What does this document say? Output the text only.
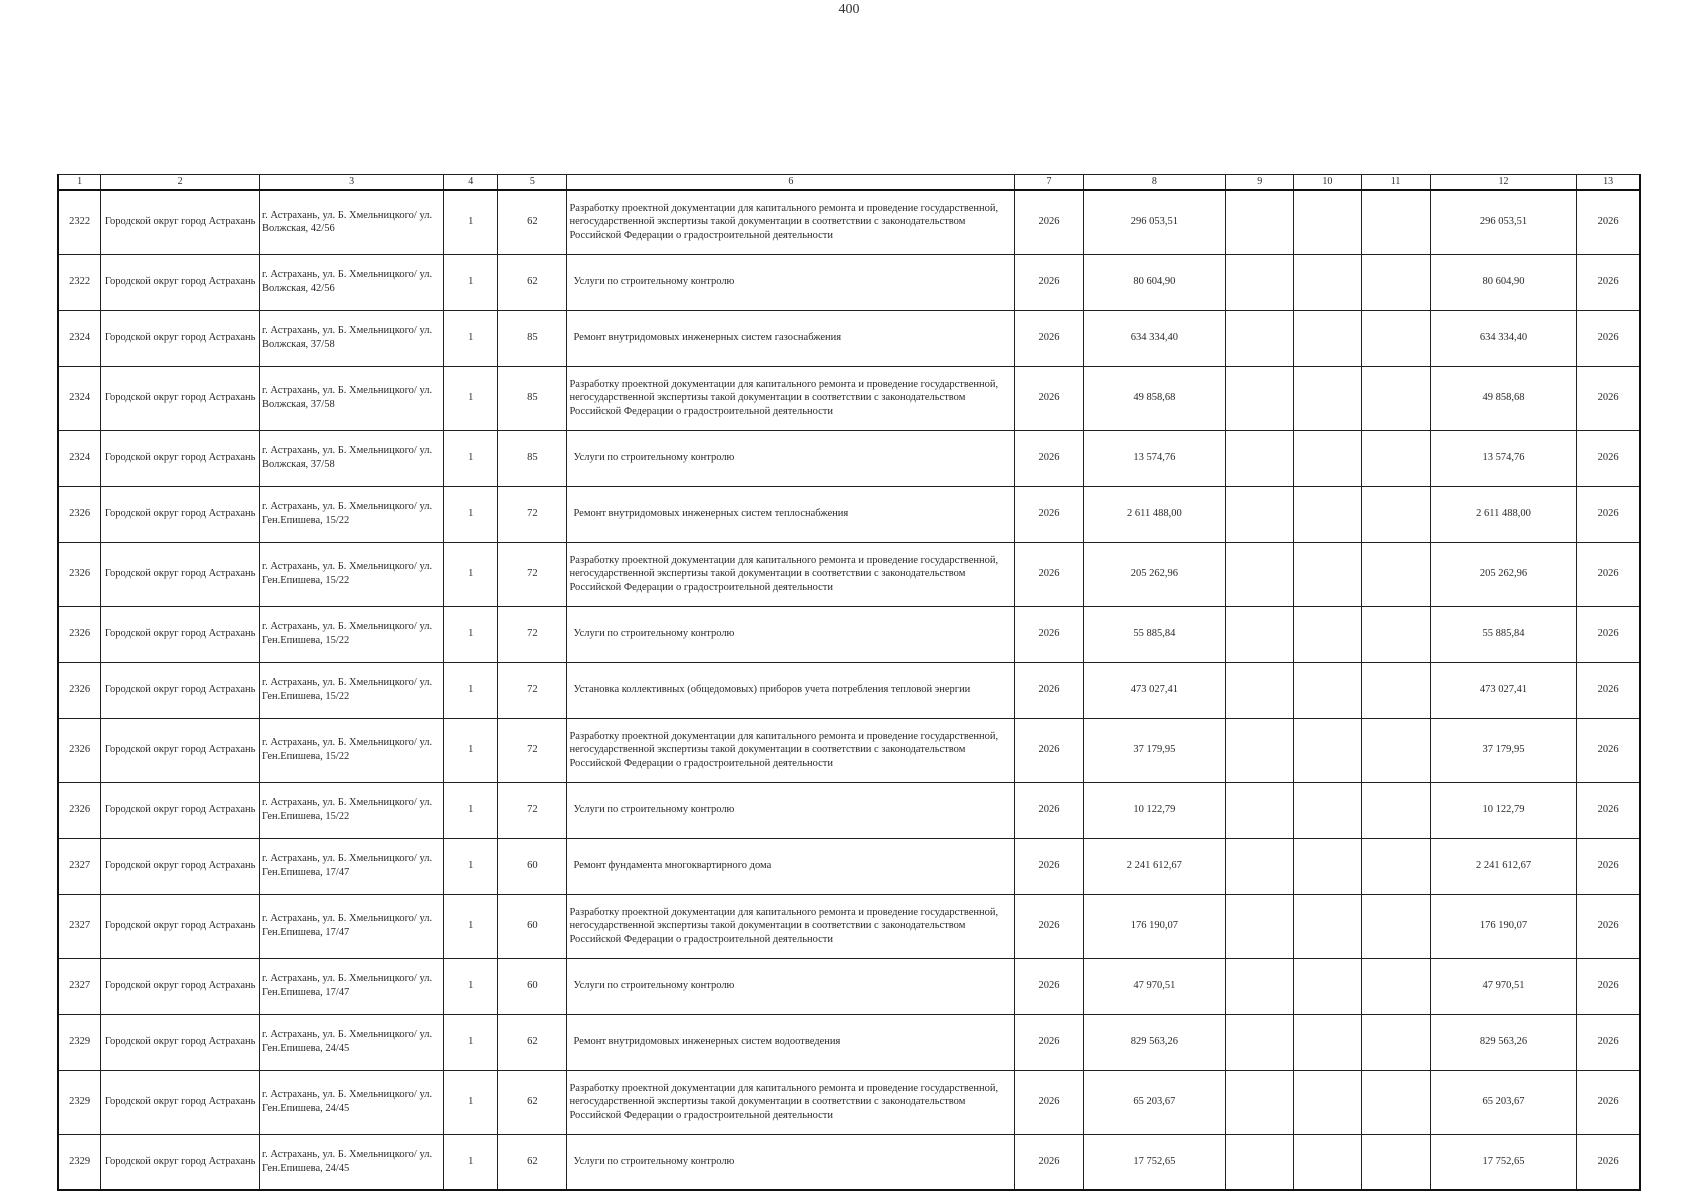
400
1	2	3	4	5	6	7	8	9	10	11	12	13
2322	Городской округ город Астрахань	г. Астрахань, ул. Б. Хмельницкого/ ул. Волжская, 42/56	1	62	Разработку проектной документации для капитального ремонта и проведение государственной, негосударственной экспертизы такой документации в соответствии с законодательством Российской Федерации о градостроительной деятельности	2026	296 053,51				296 053,51	2026
2322	Городской округ город Астрахань	г. Астрахань, ул. Б. Хмельницкого/ ул. Волжская, 42/56	1	62	Услуги по строительному контролю	2026	80 604,90				80 604,90	2026
2324	Городской округ город Астрахань	г. Астрахань, ул. Б. Хмельницкого/ ул. Волжская, 37/58	1	85	Ремонт внутридомовых инженерных систем газоснабжения	2026	634 334,40				634 334,40	2026
2324	Городской округ город Астрахань	г. Астрахань, ул. Б. Хмельницкого/ ул. Волжская, 37/58	1	85	Разработку проектной документации для капитального ремонта и проведение государственной, негосударственной экспертизы такой документации в соответствии с законодательством Российской Федерации о градостроительной деятельности	2026	49 858,68				49 858,68	2026
2324	Городской округ город Астрахань	г. Астрахань, ул. Б. Хмельницкого/ ул. Волжская, 37/58	1	85	Услуги по строительному контролю	2026	13 574,76				13 574,76	2026
2326	Городской округ город Астрахань	г. Астрахань, ул. Б. Хмельницкого/ ул. Ген.Епишева, 15/22	1	72	Ремонт внутридомовых инженерных систем теплоснабжения	2026	2 611 488,00				2 611 488,00	2026
2326	Городской округ город Астрахань	г. Астрахань, ул. Б. Хмельницкого/ ул. Ген.Епишева, 15/22	1	72	Разработку проектной документации для капитального ремонта и проведение государственной, негосударственной экспертизы такой документации в соответствии с законодательством Российской Федерации о градостроительной деятельности	2026	205 262,96				205 262,96	2026
2326	Городской округ город Астрахань	г. Астрахань, ул. Б. Хмельницкого/ ул. Ген.Епишева, 15/22	1	72	Услуги по строительному контролю	2026	55 885,84				55 885,84	2026
2326	Городской округ город Астрахань	г. Астрахань, ул. Б. Хмельницкого/ ул. Ген.Епишева, 15/22	1	72	Установка коллективных (общедомовых) приборов учета потребления тепловой энергии	2026	473 027,41				473 027,41	2026
2326	Городской округ город Астрахань	г. Астрахань, ул. Б. Хмельницкого/ ул. Ген.Епишева, 15/22	1	72	Разработку проектной документации для капитального ремонта и проведение государственной, негосударственной экспертизы такой документации в соответствии с законодательством Российской Федерации о градостроительной деятельности	2026	37 179,95				37 179,95	2026
2326	Городской округ город Астрахань	г. Астрахань, ул. Б. Хмельницкого/ ул. Ген.Епишева, 15/22	1	72	Услуги по строительному контролю	2026	10 122,79				10 122,79	2026
2327	Городской округ город Астрахань	г. Астрахань, ул. Б. Хмельницкого/ ул. Ген.Епишева, 17/47	1	60	Ремонт фундамента многоквартирного дома	2026	2 241 612,67				2 241 612,67	2026
2327	Городской округ город Астрахань	г. Астрахань, ул. Б. Хмельницкого/ ул. Ген.Епишева, 17/47	1	60	Разработку проектной документации для капитального ремонта и проведение государственной, негосударственной экспертизы такой документации в соответствии с законодательством Российской Федерации о градостроительной деятельности	2026	176 190,07				176 190,07	2026
2327	Городской округ город Астрахань	г. Астрахань, ул. Б. Хмельницкого/ ул. Ген.Епишева, 17/47	1	60	Услуги по строительному контролю	2026	47 970,51				47 970,51	2026
2329	Городской округ город Астрахань	г. Астрахань, ул. Б. Хмельницкого/ ул. Ген.Епишева, 24/45	1	62	Ремонт внутридомовых инженерных систем водоотведения	2026	829 563,26				829 563,26	2026
2329	Городской округ город Астрахань	г. Астрахань, ул. Б. Хмельницкого/ ул. Ген.Епишева, 24/45	1	62	Разработку проектной документации для капитального ремонта и проведение государственной, негосударственной экспертизы такой документации в соответствии с законодательством Российской Федерации о градостроительной деятельности	2026	65 203,67				65 203,67	2026
2329	Городской округ город Астрахань	г. Астрахань, ул. Б. Хмельницкого/ ул. Ген.Епишева, 24/45	1	62	Услуги по строительному контролю	2026	17 752,65				17 752,65	2026
